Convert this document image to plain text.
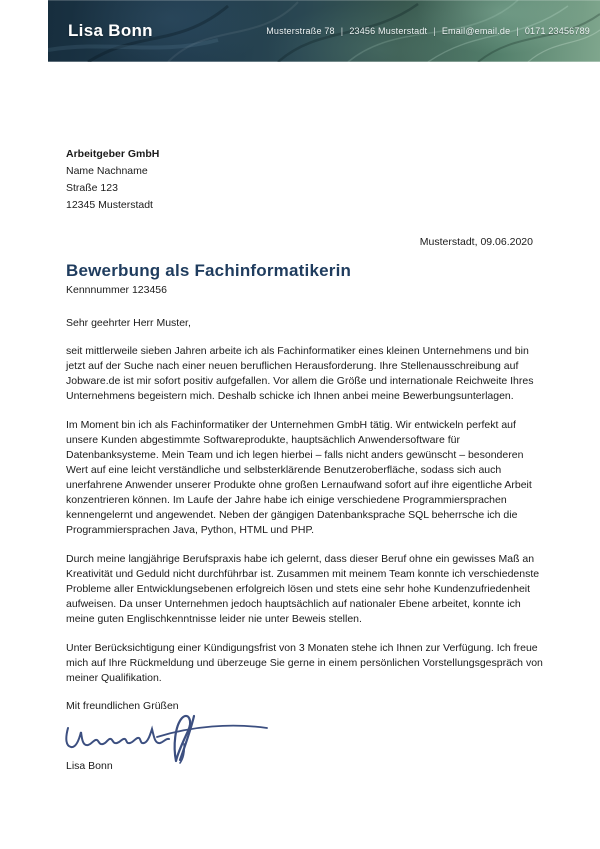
Lisa Bonn	Musterstraße 78 | 23456 Musterstadt | Email@email.de | 0171 23456789
Arbeitgeber GmbH
Name Nachname
Straße 123
12345 Musterstadt
Musterstadt, 09.06.2020
Bewerbung als Fachinformatikerin
Kennnummer 123456
Sehr geehrter Herr Muster,

seit mittlerweile sieben Jahren arbeite ich als Fachinformatiker eines kleinen Unternehmens und bin jetzt auf der Suche nach einer neuen beruflichen Herausforderung. Ihre Stellenausschreibung auf Jobware.de ist mir sofort positiv aufgefallen. Vor allem die Größe und internationale Reichweite Ihres Unternehmens begeistern mich. Deshalb schicke ich Ihnen anbei meine Bewerbungsunterlagen.

Im Moment bin ich als Fachinformatiker der Unternehmen GmbH tätig. Wir entwickeln perfekt auf unsere Kunden abgestimmte Softwareprodukte, hauptsächlich Anwendersoftware für Datenbanksysteme. Mein Team und ich legen hierbei – falls nicht anders gewünscht – besonderen Wert auf eine leicht verständliche und selbsterklärende Benutzeroberfläche, sodass sich auch unerfahrene Anwender unserer Produkte ohne großen Lernaufwand sofort auf ihre eigentliche Arbeit konzentrieren können. Im Laufe der Jahre habe ich einige verschiedene Programmiersprachen kennengelernt und angewendet. Neben der gängigen Datenbanksprache SQL beherrsche ich die Programmiersprachen Java, Python, HTML und PHP.

Durch meine langjährige Berufspraxis habe ich gelernt, dass dieser Beruf ohne ein gewisses Maß an Kreativität und Geduld nicht durchführbar ist. Zusammen mit meinem Team konnte ich verschiedenste Probleme aller Entwicklungsebenen erfolgreich lösen und stets eine sehr hohe Kundenzufriedenheit aufweisen. Da unser Unternehmen jedoch hauptsächlich auf nationaler Ebene arbeitet, konnte ich meine guten Englischkenntnisse leider nie unter Beweis stellen.

Unter Berücksichtigung einer Kündigungsfrist von 3 Monaten stehe ich Ihnen zur Verfügung. Ich freue mich auf Ihre Rückmeldung und überzeuge Sie gerne in einem persönlichen Vorstellungsgespräch von meiner Qualifikation.

Mit freundlichen Grüßen

Lisa Bonn
